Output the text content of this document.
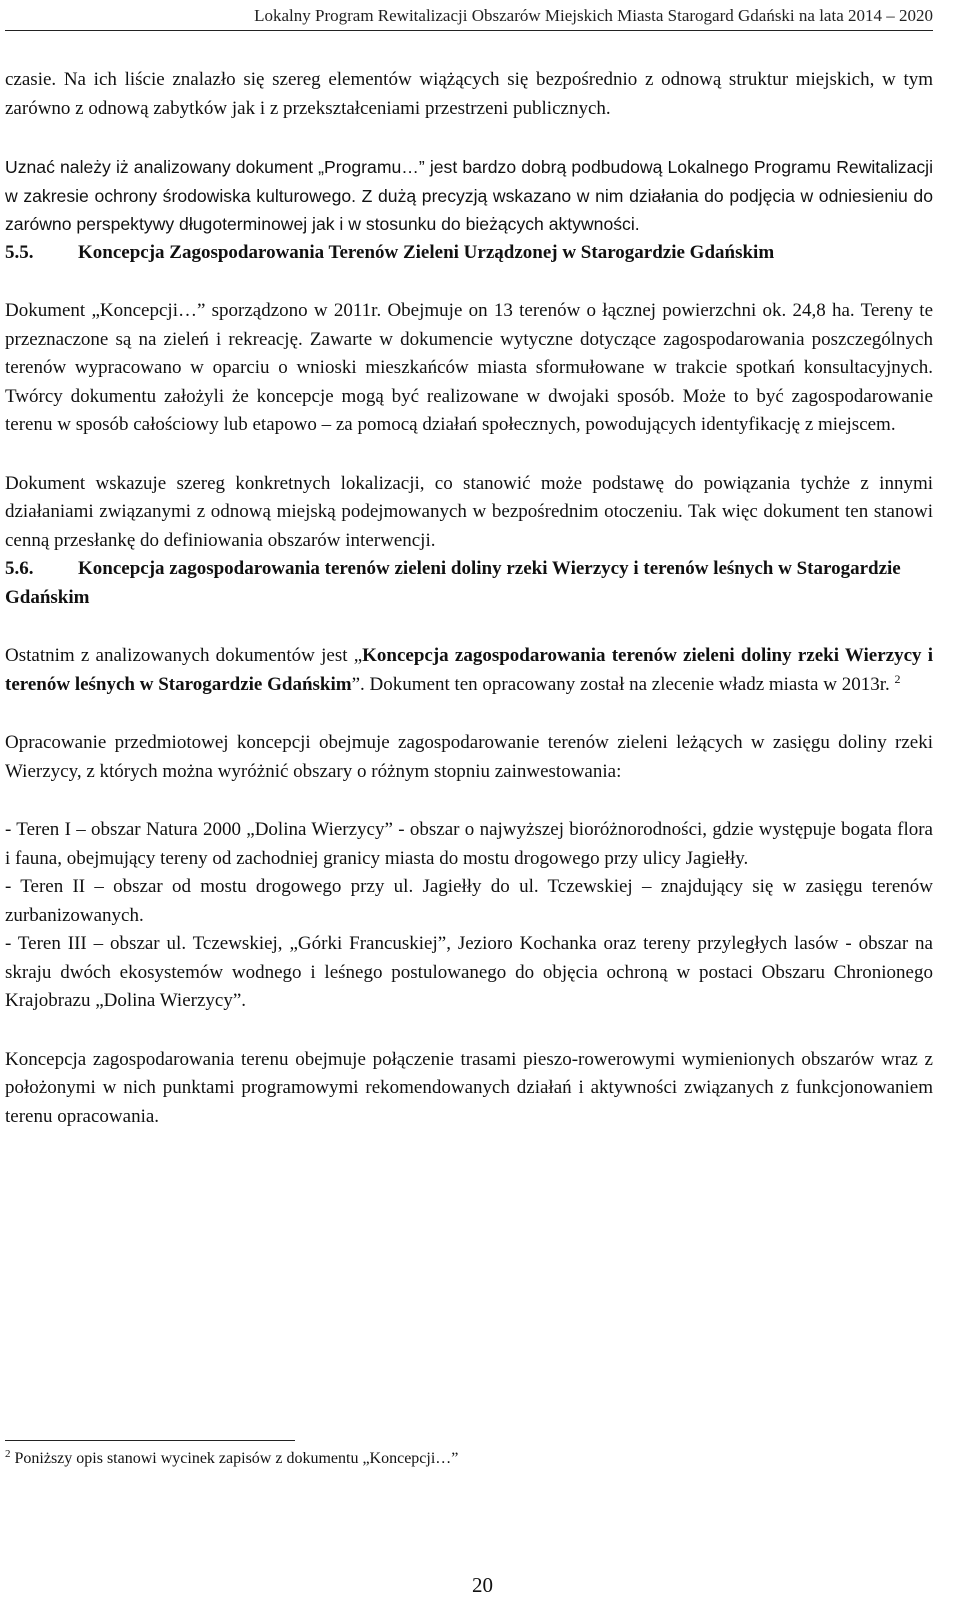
Lokalny Program Rewitalizacji Obszarów Miejskich Miasta Starogard Gdański na lata 2014 – 2020

czasie. Na ich liście znalazło się szereg elementów wiążących się bezpośrednio z odnową struktur miejskich, w tym zarówno z odnową zabytków jak i z przekształceniami przestrzeni publicznych.

Uznać należy iż analizowany dokument „Programu…” jest bardzo dobrą podbudową Lokalnego Programu Rewitalizacji w zakresie ochrony środowiska kulturowego. Z dużą precyzją wskazano w nim działania do podjęcia w odniesieniu do zarówno perspektywy długoterminowej jak i w stosunku do bieżących aktywności.

5.5. Koncepcja Zagospodarowania Terenów Zieleni Urządzonej w Starogardzie Gdańskim

Dokument „Koncepcji…” sporządzono w 2011r. Obejmuje on 13 terenów o łącznej powierzchni ok. 24,8 ha. Tereny te przeznaczone są na zieleń i rekreację. Zawarte w dokumencie wytyczne dotyczące zagospodarowania poszczególnych terenów wypracowano w oparciu o wnioski mieszkańców miasta sformułowane w trakcie spotkań konsultacyjnych. Twórcy dokumentu założyli że koncepcje mogą być realizowane w dwojaki sposób. Może to być zagospodarowanie terenu w sposób całościowy lub etapowo – za pomocą działań społecznych, powodujących identyfikację z miejscem.

Dokument wskazuje szereg konkretnych lokalizacji, co stanowić może podstawę do powiązania tychże z innymi działaniami związanymi z odnową miejską podejmowanych w bezpośrednim otoczeniu. Tak więc dokument ten stanowi cenną przesłankę do definiowania obszarów interwencji.

5.6. Koncepcja zagospodarowania terenów zieleni doliny rzeki Wierzycy i terenów leśnych w Starogardzie Gdańskim

Ostatnim z analizowanych dokumentów jest „Koncepcja zagospodarowania terenów zieleni doliny rzeki Wierzycy i terenów leśnych w Starogardzie Gdańskim”. Dokument ten opracowany został na zlecenie władz miasta w 2013r. $^2$

Opracowanie przedmiotowej koncepcji obejmuje zagospodarowanie terenów zieleni leżących w zasięgu doliny rzeki Wierzycy, z których można wyróżnić obszary o różnym stopniu zainwestowania:

- Teren I – obszar Natura 2000 „Dolina Wierzycy” - obszar o najwyższej bioróżnorodności, gdzie występuje bogata flora i fauna, obejmujący tereny od zachodniej granicy miasta do mostu drogowego przy ulicy Jagiełły.

- Teren II – obszar od mostu drogowego przy ul. Jagiełły do ul. Tczewskiej – znajdujący się w zasięgu terenów zurbanizowanych.

- Teren III – obszar ul. Tczewskiej, „Górki Francuskiej”, Jezioro Kochanka oraz tereny przyległych lasów - obszar na skraju dwóch ekosystemów wodnego i leśnego postulowanego do objęcia ochroną w postaci Obszaru Chronionego Krajobrazu „Dolina Wierzycy”.

Koncepcja zagospodarowania terenu obejmuje połączenie trasami pieszo-rowerowymi wymienionych obszarów wraz z położonymi w nich punktami programowymi rekomendowanych działań i aktywności związanych z funkcjonowaniem terenu opracowania.

$^2$ Poniższy opis stanowi wycinek zapisów z dokumentu „Koncepcji…”

20
